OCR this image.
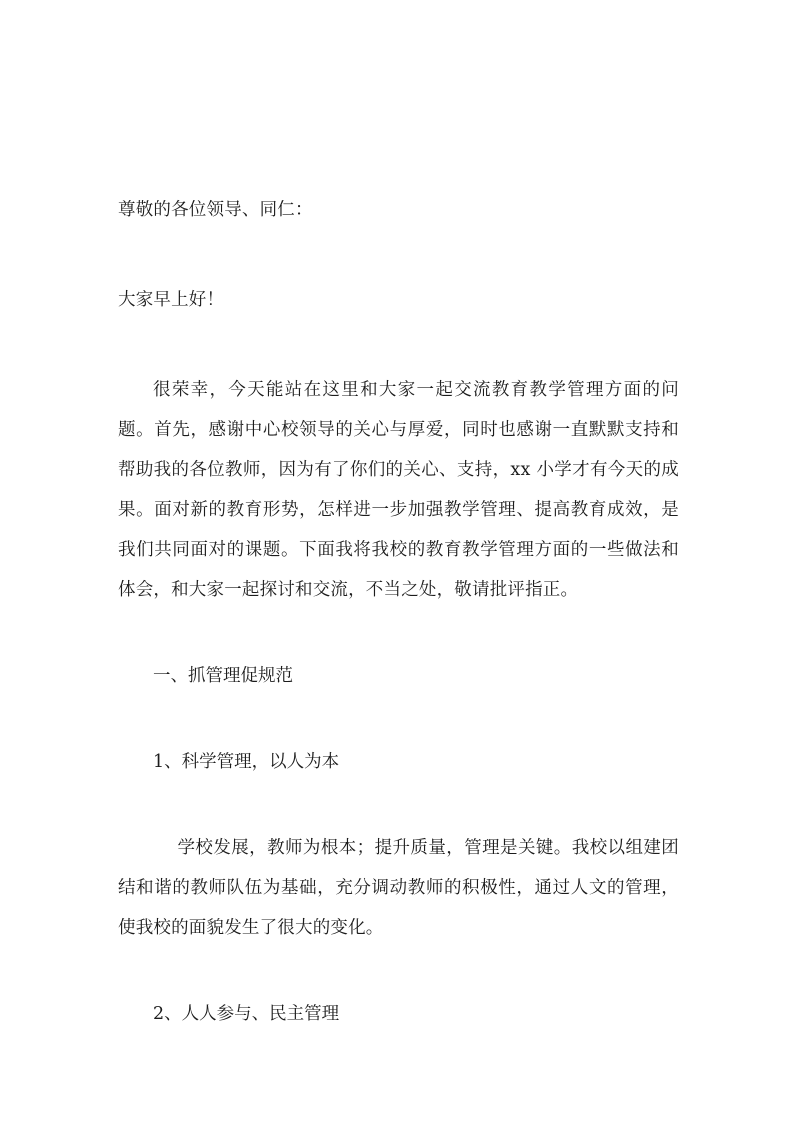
尊敬的各位领导、同仁：

大家早上好！

很荣幸，今天能站在这里和大家一起交流教育教学管理方面的问题。首先，感谢中心校领导的关心与厚爱，同时也感谢一直默默支持和帮助我的各位教师，因为有了你们的关心、支持，xx 小学才有今天的成果。面对新的教育形势，怎样进一步加强教学管理、提高教育成效，是我们共同面对的课题。下面我将我校的教育教学管理方面的一些做法和体会，和大家一起探讨和交流，不当之处，敬请批评指正。

一、抓管理促规范
1、科学管理，以人为本

学校发展，教师为根本；提升质量，管理是关键。我校以组建团结和谐的教师队伍为基础，充分调动教师的积极性，通过人文的管理，使我校的面貌发生了很大的变化。

2、人人参与、民主管理
